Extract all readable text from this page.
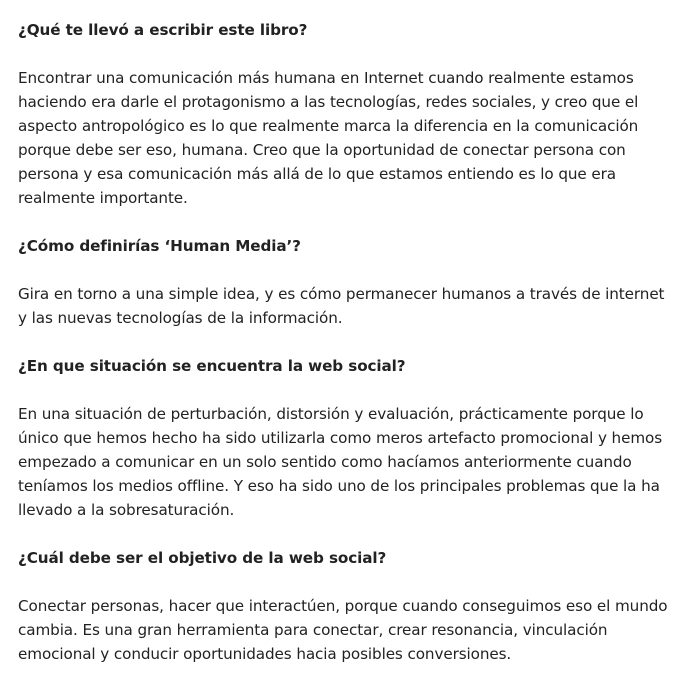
¿Qué te llevó a escribir este libro?

Encontrar una comunicación más humana en Internet cuando realmente estamos haciendo era darle el protagonismo a las tecnologías, redes sociales, y creo que el aspecto antropológico es lo que realmente marca la diferencia en la comunicación porque debe ser eso, humana. Creo que la oportunidad de conectar persona con persona y esa comunicación más allá de lo que estamos entiendo es lo que era realmente importante.

¿Cómo definirías ‘Human Media’?

Gira en torno a una simple idea, y es cómo permanecer humanos a través de internet y las nuevas tecnologías de la información.

¿En que situación se encuentra la web social?

En una situación de perturbación, distorsión y evaluación, prácticamente porque lo único que hemos hecho ha sido utilizarla como meros artefacto promocional y hemos empezado a comunicar en un solo sentido como hacíamos anteriormente cuando teníamos los medios offline. Y eso ha sido uno de los principales problemas que la ha llevado a la sobresaturación.

¿Cuál debe ser el objetivo de la web social?

Conectar personas, hacer que interactúen, porque cuando conseguimos eso el mundo cambia. Es una gran herramienta para conectar, crear resonancia, vinculación emocional y conducir oportunidades hacia posibles conversiones.
